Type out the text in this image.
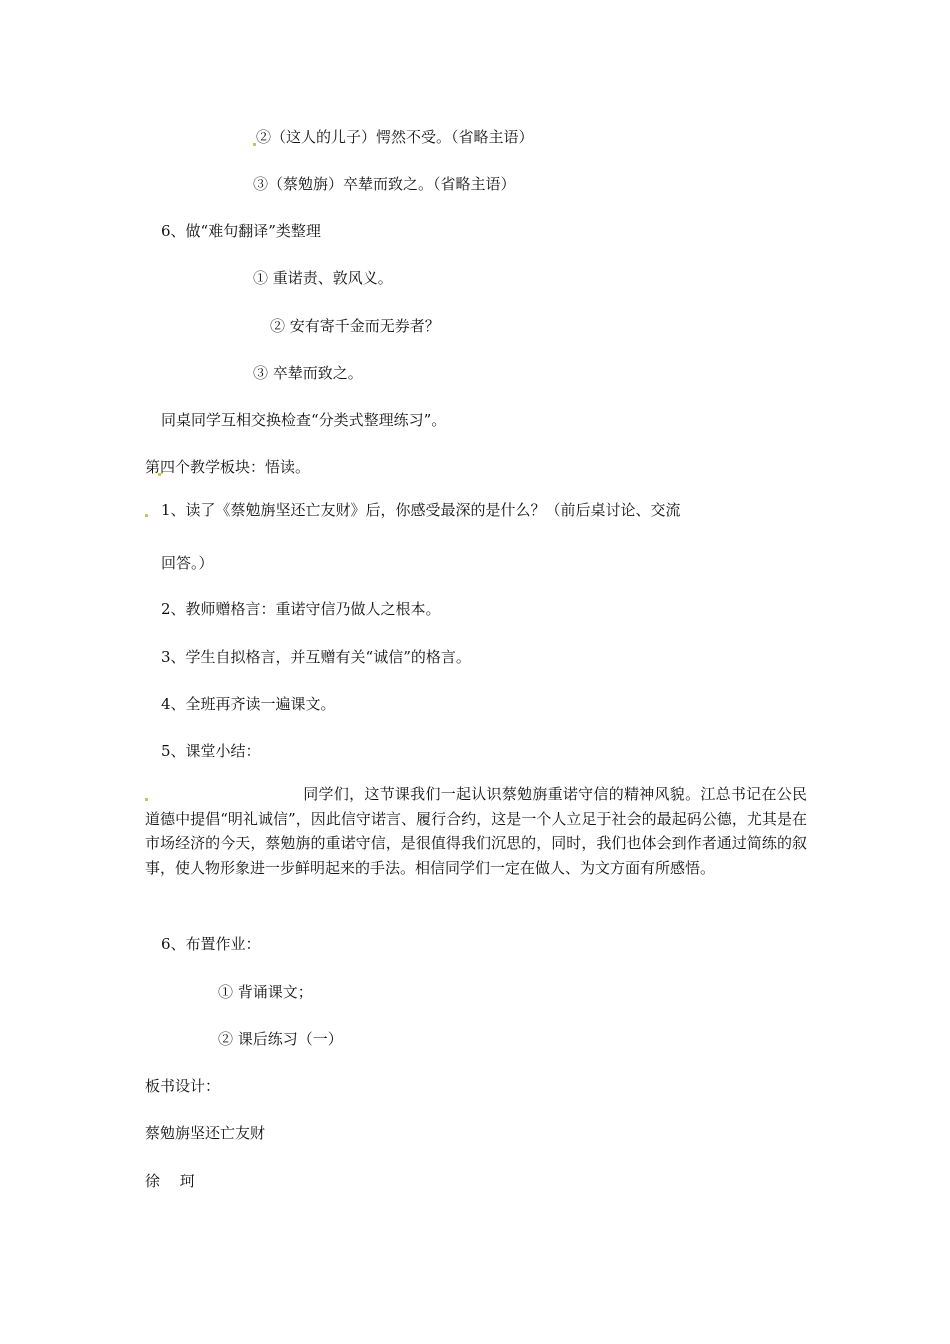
②（这人的儿子）愕然不受。（省略主语）
③（蔡勉旃）卒辇而致之。（省略主语）
6、做“难句翻译”类整理
① 重诺责、敦风义。
② 安有寄千金而无券者？
③ 卒辇而致之。
同桌同学互相交换检查“分类式整理练习”。
第四个教学板块：悟读。
1、读了《蔡勉旃坚还亡友财》后，你感受最深的是什么？（前后桌讨论、交流
回答。）
2、教师赠格言：重诺守信乃做人之根本。
3、学生自拟格言，并互赠有关“诚信”的格言。
4、全班再齐读一遍课文。
5、课堂小结：
同学们，这节课我们一起认识蔡勉旃重诺守信的精神风貌。江总书记在公民道德中提倡“明礼诚信”，因此信守诺言、履行合约，这是一个人立足于社会的最起码公德，尤其是在市场经济的今天，蔡勉旃的重诺守信，是很值得我们沉思的，同时，我们也体会到作者通过简练的叙事，使人物形象进一步鲜明起来的手法。相信同学们一定在做人、为文方面有所感悟。
6、布置作业：
① 背诵课文；
② 课后练习（一）
板书设计：
蔡勉旃坚还亡友财
徐　 珂
